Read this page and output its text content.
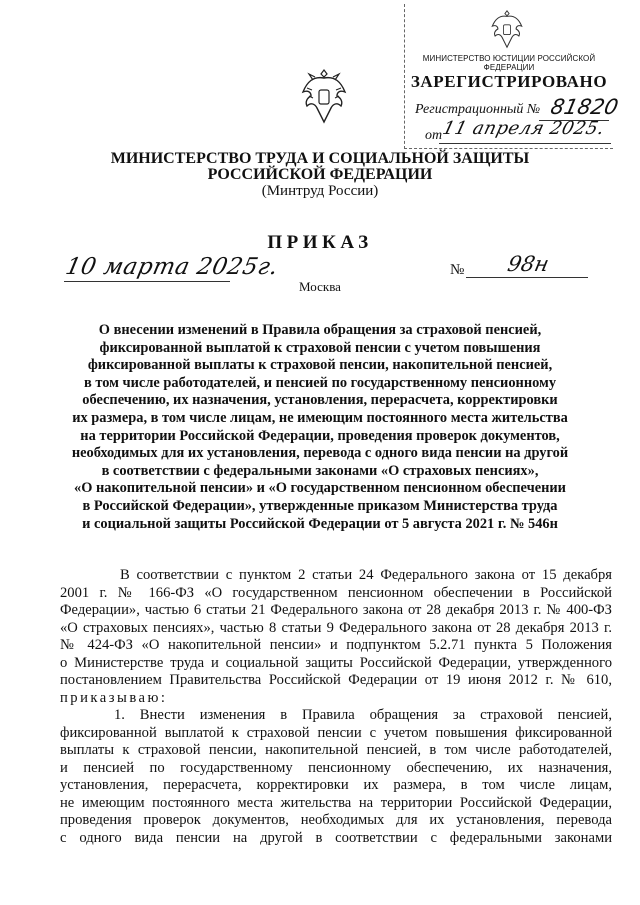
МИНИСТЕРСТВО ЮСТИЦИИ РОССИЙСКОЙ ФЕДЕРАЦИИ
ЗАРЕГИСТРИРОВАНО
Регистрационный № 81820
от
11 апреля 2025.
МИНИСТЕРСТВО ТРУДА И СОЦИАЛЬНОЙ ЗАЩИТЫ
РОССИЙСКОЙ ФЕДЕРАЦИИ
(Минтруд России)
ПРИКАЗ
10 марта 2025г.	№ 98н
Москва
О внесении изменений в Правила обращения за страховой пенсией,
фиксированной выплатой к страховой пенсии с учетом повышения
фиксированной выплаты к страховой пенсии, накопительной пенсией,
в том числе работодателей, и пенсией по государственному пенсионному
обеспечению, их назначения, установления, перерасчета, корректировки
их размера, в том числе лицам, не имеющим постоянного места жительства
на территории Российской Федерации, проведения проверок документов,
необходимых для их установления, перевода с одного вида пенсии на другой
в соответствии с федеральными законами «О страховых пенсиях»,
«О накопительной пенсии» и «О государственном пенсионном обеспечении
в Российской Федерации», утвержденные приказом Министерства труда
и социальной защиты Российской Федерации от 5 августа 2021 г. № 546н
В соответствии с пунктом 2 статьи 24 Федерального закона от 15 декабря
2001 г. № 166-ФЗ «О государственном пенсионном обеспечении в Российской
Федерации», частью 6 статьи 21 Федерального закона от 28 декабря 2013 г. № 400-ФЗ
«О страховых пенсиях», частью 8 статьи 9 Федерального закона от 28 декабря 2013 г.
№ 424-ФЗ «О накопительной пенсии» и подпунктом 5.2.71 пункта 5 Положения
о Министерстве труда и социальной защиты Российской Федерации, утвержденного
постановлением Правительства Российской Федерации от 19 июня 2012 г. № 610,
приказываю:
1. Внести изменения в Правила обращения за страховой пенсией,
фиксированной выплатой к страховой пенсии с учетом повышения фиксированной
выплаты к страховой пенсии, накопительной пенсией, в том числе работодателей,
и пенсией по государственному пенсионному обеспечению, их назначения,
установления, перерасчета, корректировки их размера, в том числе лицам,
не имеющим постоянного места жительства на территории Российской Федерации,
проведения проверок документов, необходимых для их установления, перевода
с одного вида пенсии на другой в соответствии с федеральными законами
